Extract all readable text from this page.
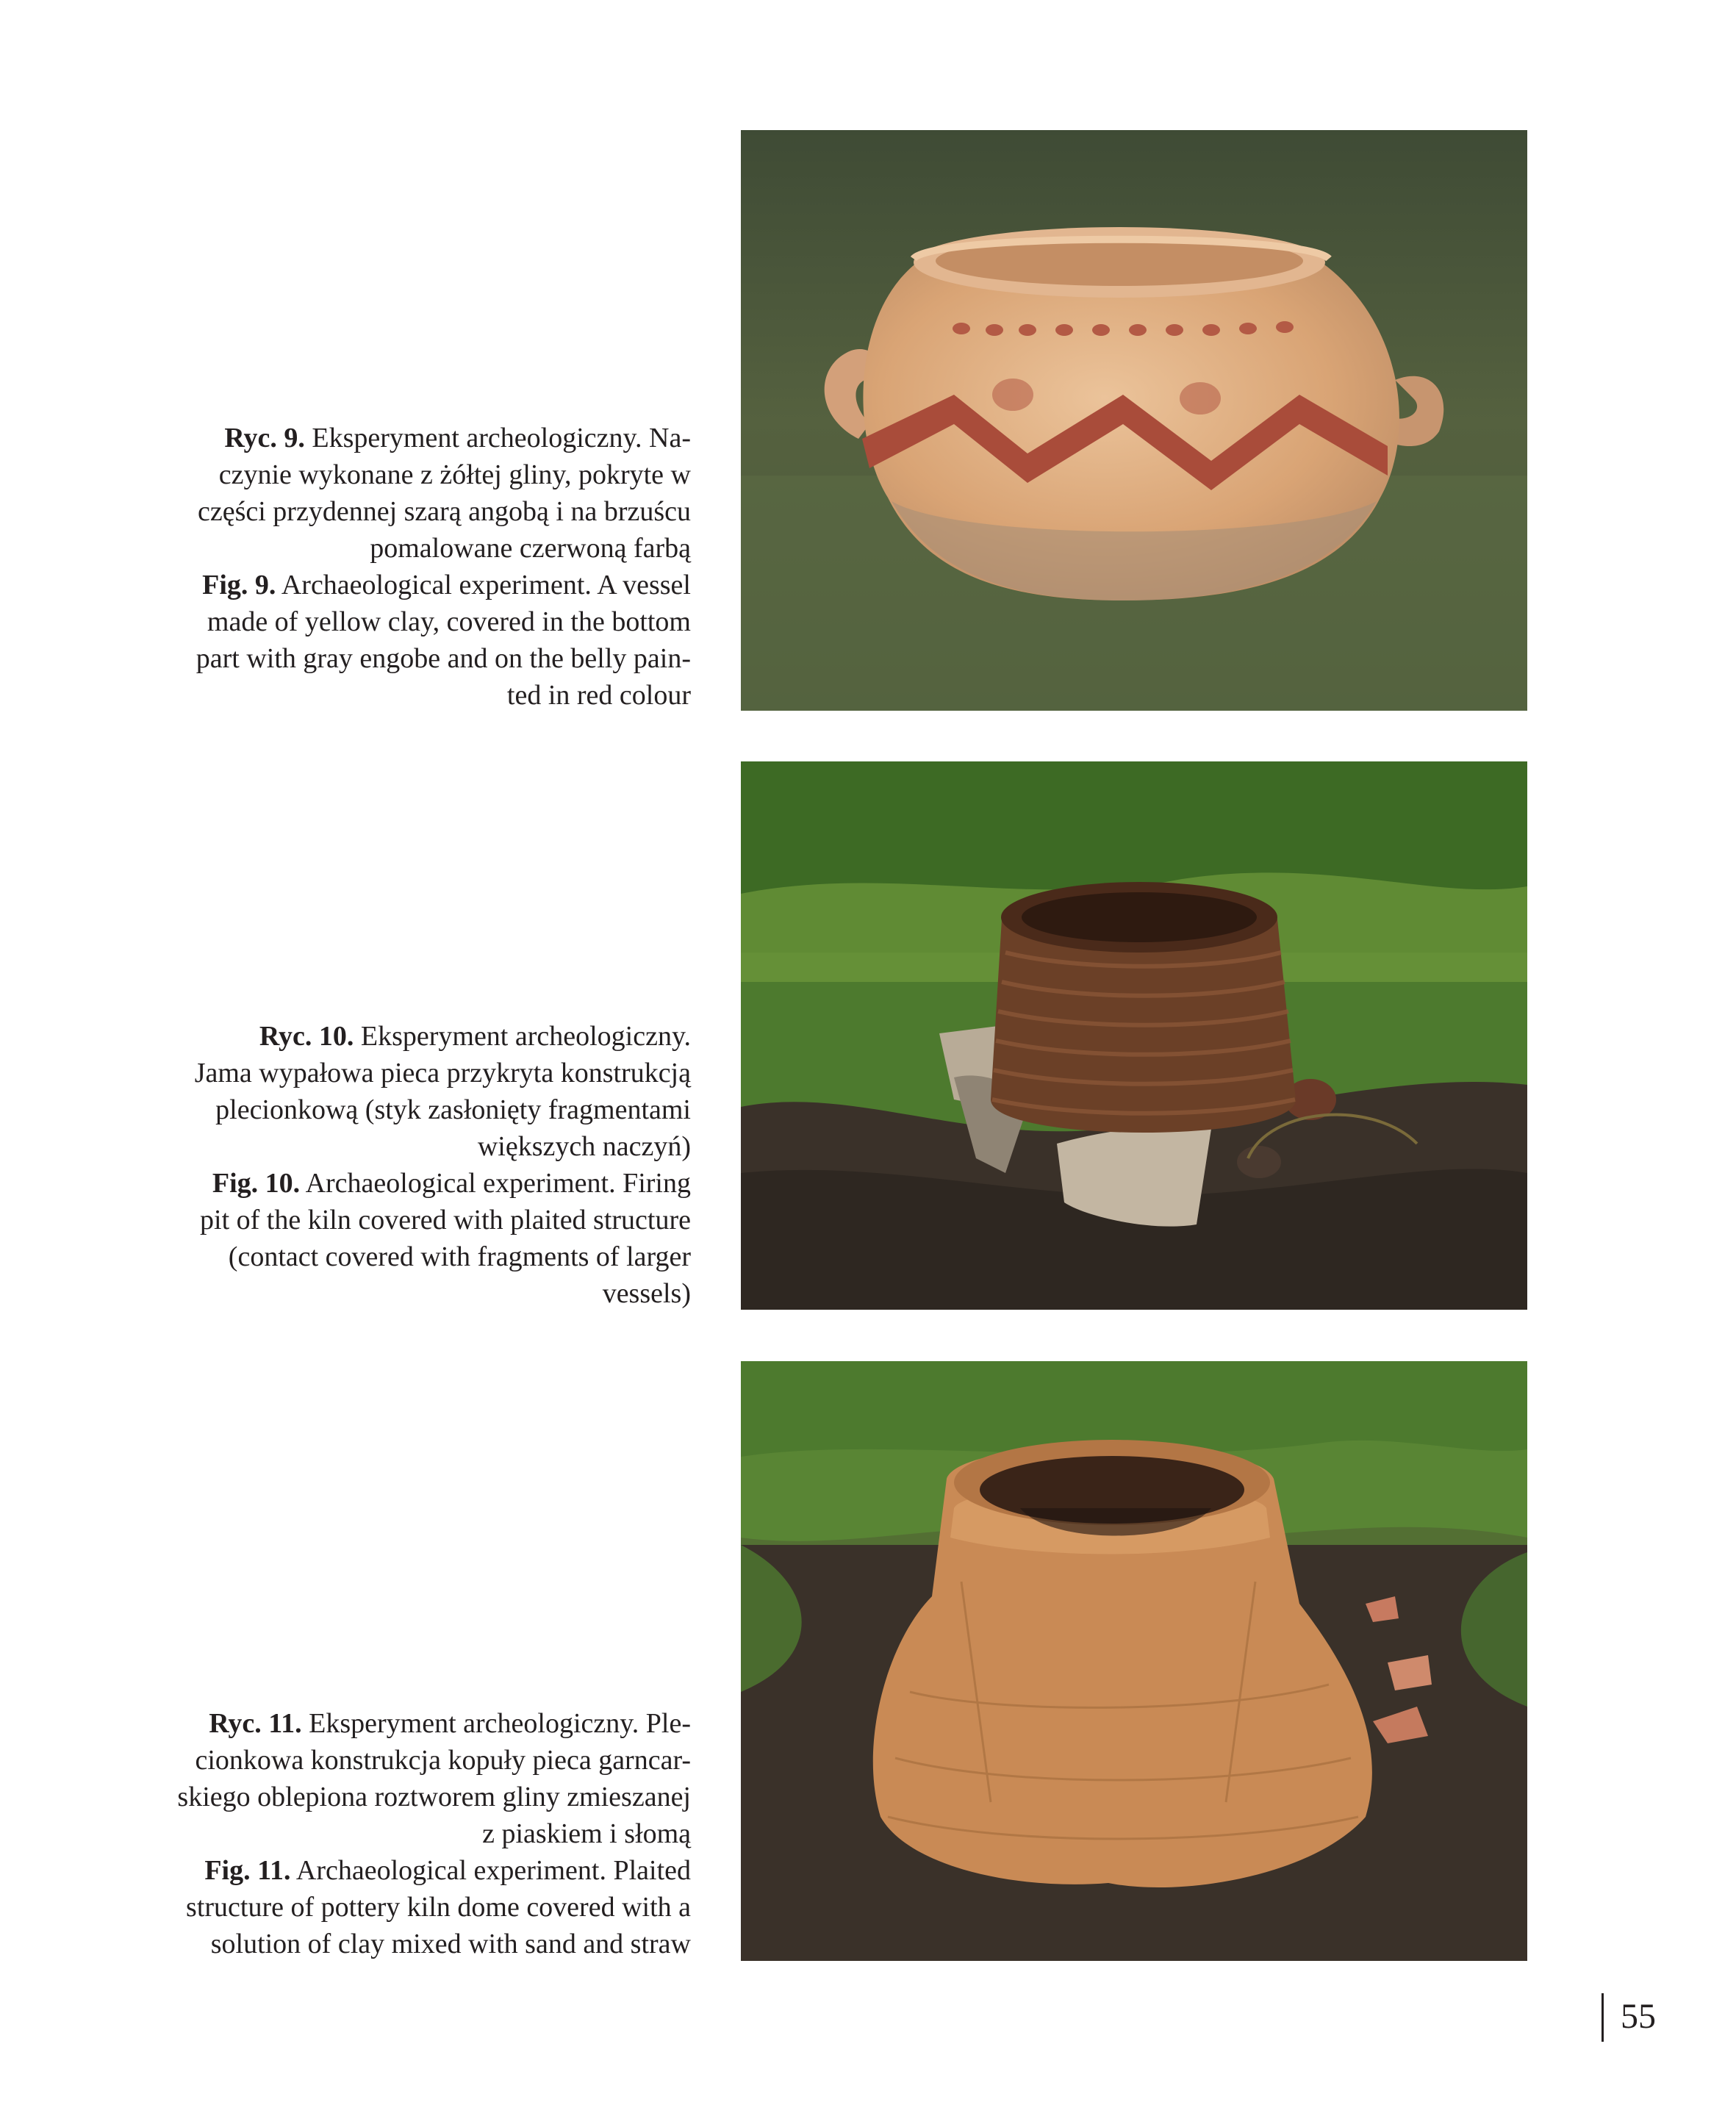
Ryc. 9. Eksperyment archeologiczny. Na-
czynie wykonane z żółtej gliny, pokryte w
części przydennej szarą angobą i na brzuścu
pomalowane czerwoną farbą
Fig. 9. Archaeological experiment. A vessel
made of yellow clay, covered in the bottom
part with gray engobe and on the belly pain-
ted in red colour
Ryc. 10. Eksperyment archeologiczny.
Jama wypałowa pieca przykryta konstrukcją
plecionkową (styk zasłonięty fragmentami
większych naczyń)
Fig. 10. Archaeological experiment. Firing
pit of the kiln covered with plaited structure
(contact covered with fragments of larger
vessels)
Ryc. 11. Eksperyment archeologiczny. Ple-
cionkowa konstrukcja kopuły pieca garncar-
skiego oblepiona roztworem gliny zmieszanej
z piaskiem i słomą
Fig. 11. Archaeological experiment. Plaited
structure of pottery kiln dome covered with a
solution of clay mixed with sand and straw
55
